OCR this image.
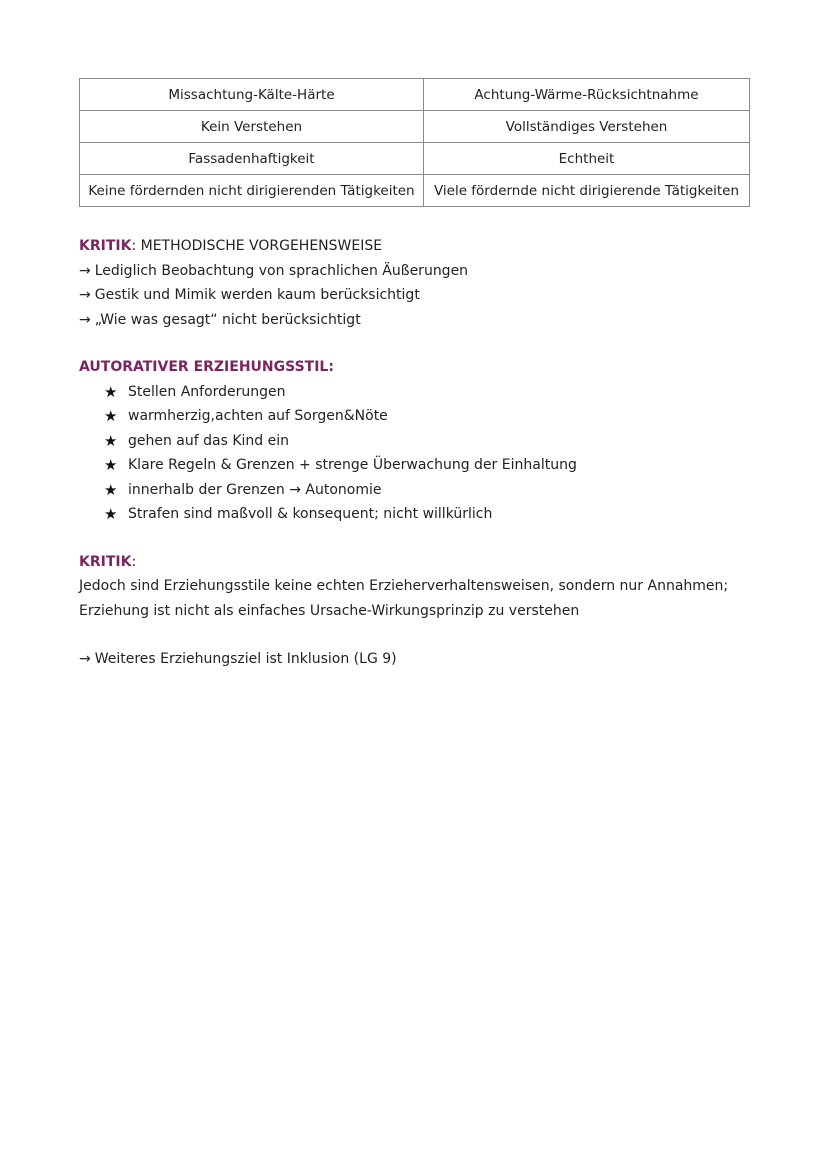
Missachtung-Kälte-Härte	Achtung-Wärme-Rücksichtnahme
Kein Verstehen	Vollständiges Verstehen
Fassadenhaftigkeit	Echtheit
Keine fördernden nicht dirigierenden Tätigkeiten	Viele fördernde nicht dirigierende Tätigkeiten
KRITIK: METHODISCHE VORGEHENSWEISE
→ Lediglich Beobachtung von sprachlichen Äußerungen
→ Gestik und Mimik werden kaum berücksichtigt
→ „Wie was gesagt“ nicht berücksichtigt
AUTORATIVER ERZIEHUNGSSTIL:
★ Stellen Anforderungen
★ warmherzig,achten auf Sorgen&Nöte
★ gehen auf das Kind ein
★ Klare Regeln & Grenzen + strenge Überwachung der Einhaltung
★ innerhalb der Grenzen → Autonomie
★ Strafen sind maßvoll & konsequent; nicht willkürlich
KRITIK:
Jedoch sind Erziehungsstile keine echten Erzieherverhaltensweisen, sondern nur Annahmen;
Erziehung ist nicht als einfaches Ursache-Wirkungsprinzip zu verstehen
→ Weiteres Erziehungsziel ist Inklusion (LG 9)
